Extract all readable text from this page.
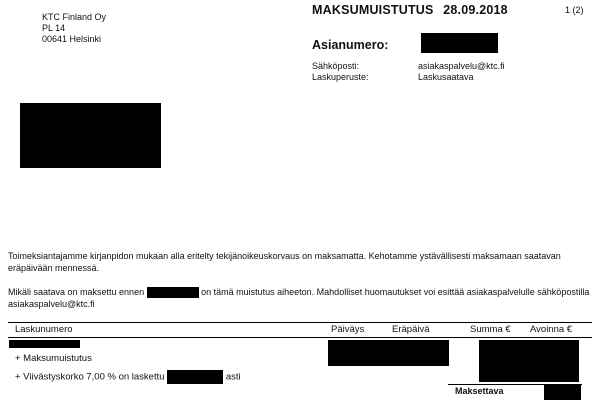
KTC Finland Oy
PL 14
00641 Helsinki
MAKSUMUISTUTUS 28.09.2018	1 (2)
Asianumero:
Sähköposti:	asiakaspalvelu@ktc.fi
Laskuperuste:	Laskusaatava
Toimeksiantajamme kirjanpidon mukaan alla eritelty tekijänoikeuskorvaus on maksamatta. Kehotamme ystävällisesti maksamaan saatavan eräpäivään mennessä.
Mikäli saatava on maksettu ennen	on tämä muistutus aiheeton. Mahdolliset huomautukset voi esittää asiakaspalvelulle sähköpostilla asiakaspalvelu@ktc.fi
Laskunumero	Päiväys	Eräpäivä	Summa € Avoinna €
+ Maksumuistutus
+ Viivästyskorko 7,00 % on laskettu	asti
Maksettava
